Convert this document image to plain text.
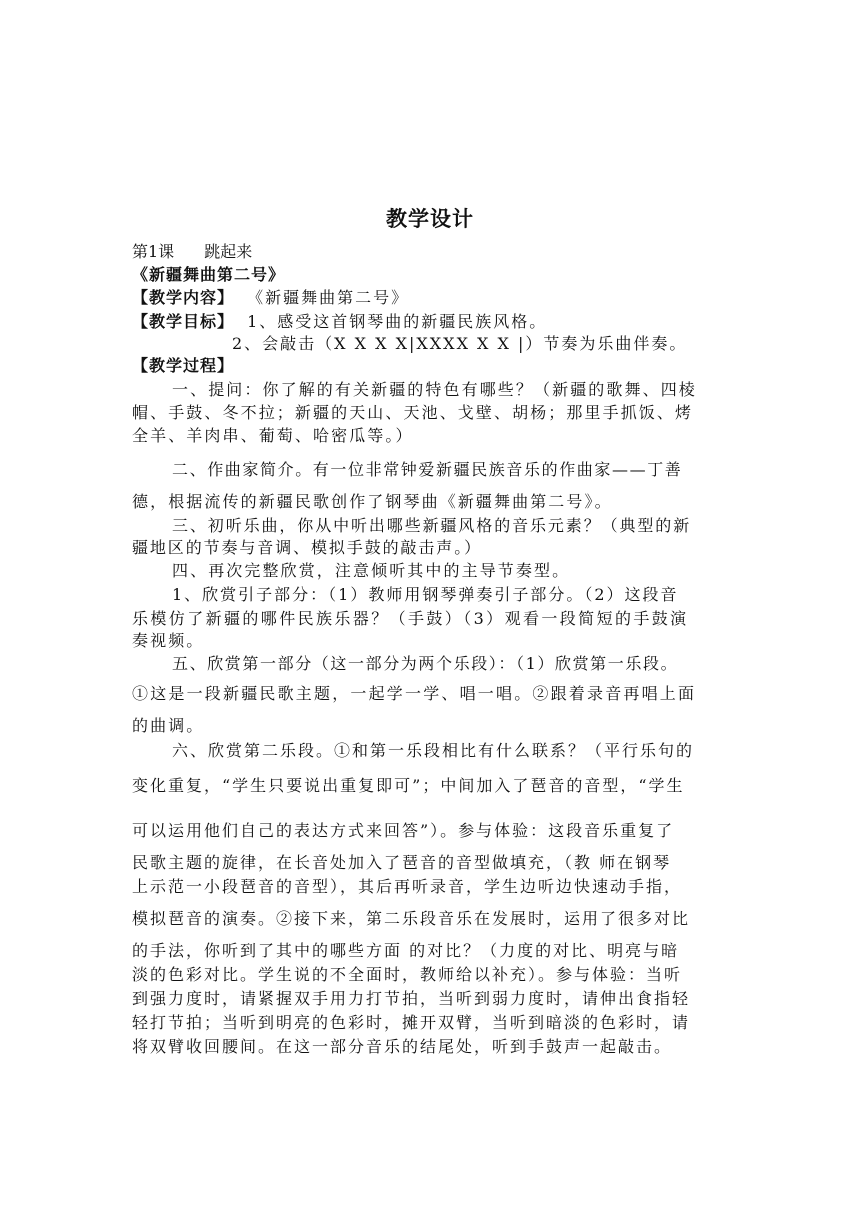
教学设计
第1课 跳起来
《新疆舞曲第二号》
【教学内容】 《新疆舞曲第二号》
【教学目标】 1、感受这首钢琴曲的新疆民族风格。
2、会敲击（X X X X|XXXX X X |）节奏为乐曲伴奏。
【教学过程】
一、提问：你了解的有关新疆的特色有哪些？（新疆的歌舞、四棱
帽、手鼓、冬不拉；新疆的天山、天池、戈壁、胡杨；那里手抓饭、烤
全羊、羊肉串、葡萄、哈密瓜等。）
二、作曲家简介。有一位非常钟爱新疆民族音乐的作曲家——丁善
德，根据流传的新疆民歌创作了钢琴曲《新疆舞曲第二号》。
三、初听乐曲，你从中听出哪些新疆风格的音乐元素？（典型的新
疆地区的节奏与音调、模拟手鼓的敲击声。）
四、再次完整欣赏，注意倾听其中的主导节奏型。
1、欣赏引子部分：（1）教师用钢琴弹奏引子部分。（2）这段音
乐模仿了新疆的哪件民族乐器？（手鼓）（3）观看一段简短的手鼓演
奏视频。
五、欣赏第一部分（这一部分为两个乐段）：（1）欣赏第一乐段。
①这是一段新疆民歌主题，一起学一学、唱一唱。②跟着录音再唱上面
的曲调。
六、欣赏第二乐段。①和第一乐段相比有什么联系？（平行乐句的
变化重复，“学生只要说出重复即可”；中间加入了琶音的音型，“学生
可以运用他们自己的表达方式来回答”）。参与体验：这段音乐重复了
民歌主题的旋律，在长音处加入了琶音的音型做填充，（教 师在钢琴
上示范一小段琶音的音型），其后再听录音，学生边听边快速动手指，
模拟琶音的演奏。②接下来，第二乐段音乐在发展时，运用了很多对比
的手法，你听到了其中的哪些方面 的对比？（力度的对比、明亮与暗
淡的色彩对比。学生说的不全面时，教师给以补充）。参与体验：当听
到强力度时，请紧握双手用力打节拍，当听到弱力度时，请伸出食指轻
轻打节拍；当听到明亮的色彩时，摊开双臂，当听到暗淡的色彩时，请
将双臂收回腰间。在这一部分音乐的结尾处，听到手鼓声一起敲击。
